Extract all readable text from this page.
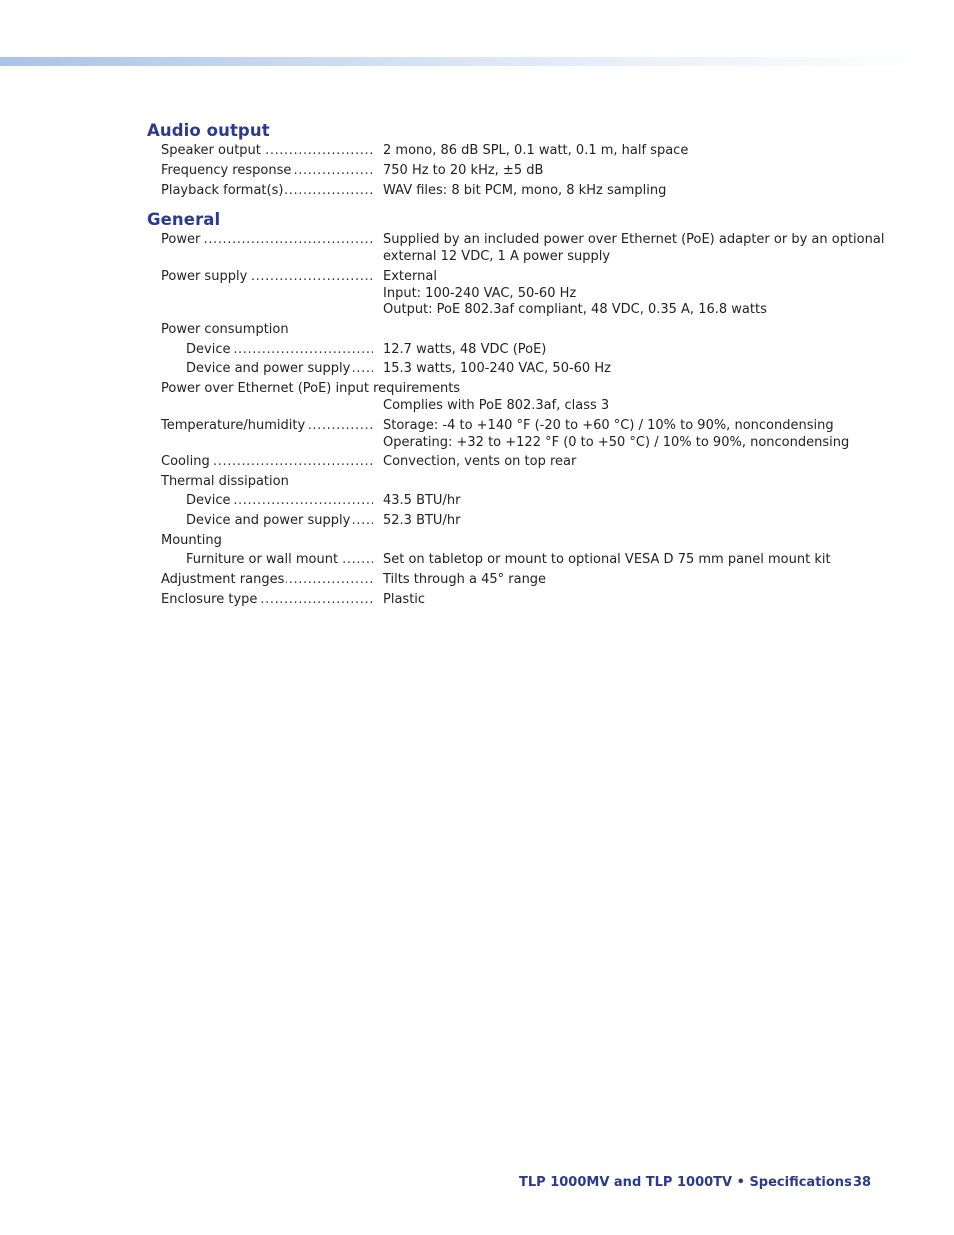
Audio output
Speaker output .....	2 mono, 86 dB SPL, 0.1 watt, 0.1 m, half space
Frequency response .....	750 Hz to 20 kHz, ±5 dB
Playback format(s) .....	WAV files: 8 bit PCM, mono, 8 kHz sampling
General
Power .....	Supplied by an included power over Ethernet (PoE) adapter or by an optional
external 12 VDC, 1 A power supply
Power supply .....	External
Input: 100-240 VAC, 50-60 Hz
Output: PoE 802.3af compliant, 48 VDC, 0.35 A, 16.8 watts
Power consumption
Device .....	12.7 watts, 48 VDC (PoE)
Device and power supply .....	15.3 watts, 100-240 VAC, 50-60 Hz
Power over Ethernet (PoE) input requirements
Complies with PoE 802.3af, class 3
Temperature/humidity .....	Storage: -4 to +140 °F (-20 to +60 °C) / 10% to 90%, noncondensing
Operating: +32 to +122 °F (0 to +50 °C) / 10% to 90%, noncondensing
Cooling .....	Convection, vents on top rear
Thermal dissipation
Device .....	43.5 BTU/hr
Device and power supply .....	52.3 BTU/hr
Mounting
Furniture or wall mount .....	Set on tabletop or mount to optional VESA D 75 mm panel mount kit
Adjustment ranges .....	Tilts through a 45° range
Enclosure type .....	Plastic
TLP 1000MV and TLP 1000TV • Specifications 38
